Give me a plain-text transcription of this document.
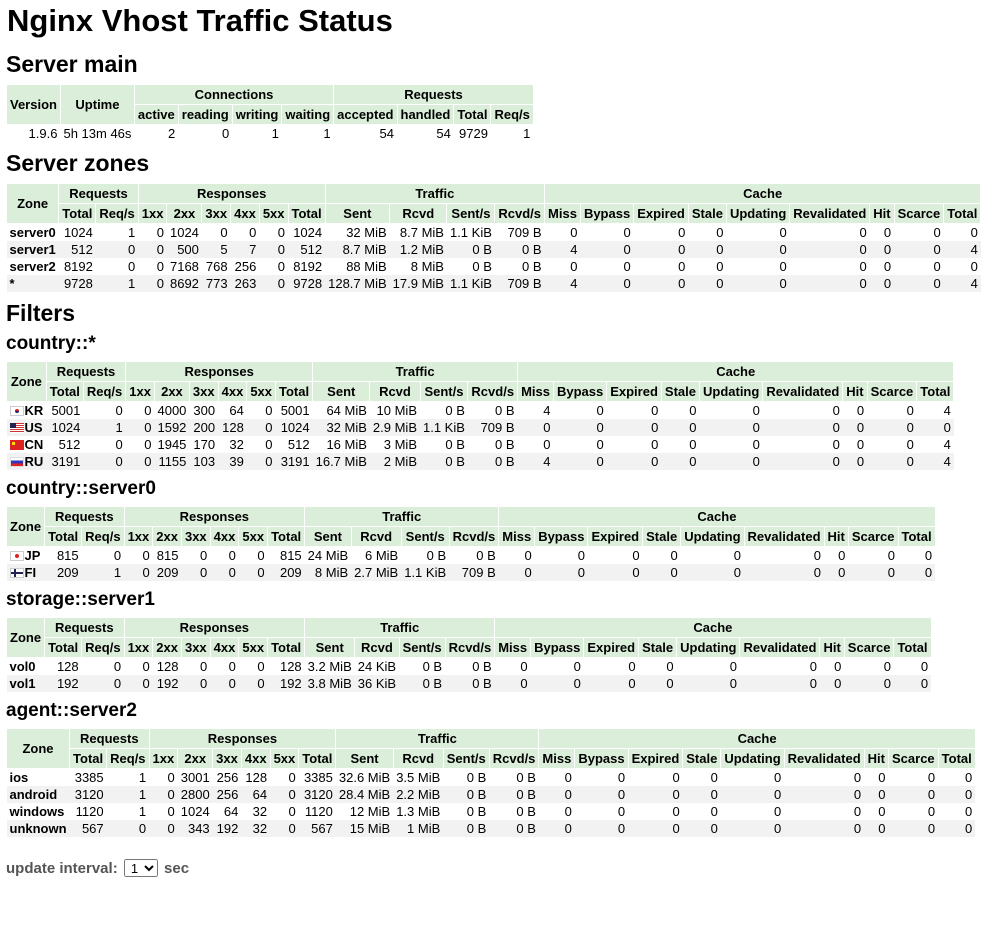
Nginx Vhost Traffic Status
Server main
Version	Uptime	Connections				Requests			
		active	reading	writing	waiting	accepted	handled	Total	Req/s
1.9.6	5h 13m 46s	2	0	1	1	54	54	9729	1
Server zones
Zone	Requests		Responses						Traffic				Cache								
	Total	Req/s	1xx	2xx	3xx	4xx	5xx	Total	Sent	Rcvd	Sent/s	Rcvd/s	Miss	Bypass	Expired	Stale	Updating	Revalidated	Hit	Scarce	Total
server0	1024	1	0	1024	0	0	0	1024	32 MiB	8.7 MiB	1.1 KiB	709 B	0	0	0	0	0	0	0	0	0
server1	512	0	0	500	5	7	0	512	8.7 MiB	1.2 MiB	0 B	0 B	4	0	0	0	0	0	0	0	4
server2	8192	0	0	7168	768	256	0	8192	88 MiB	8 MiB	0 B	0 B	0	0	0	0	0	0	0	0	0
*	9728	1	0	8692	773	263	0	9728	128.7 MiB	17.9 MiB	1.1 KiB	709 B	4	0	0	0	0	0	0	0	4
Filters
country::*
Zone	Requests		Responses						Traffic				Cache								
	Total	Req/s	1xx	2xx	3xx	4xx	5xx	Total	Sent	Rcvd	Sent/s	Rcvd/s	Miss	Bypass	Expired	Stale	Updating	Revalidated	Hit	Scarce	Total
KR	5001	0	0	4000	300	64	0	5001	64 MiB	10 MiB	0 B	0 B	4	0	0	0	0	0	0	0	4
US	1024	1	0	1592	200	128	0	1024	32 MiB	2.9 MiB	1.1 KiB	709 B	0	0	0	0	0	0	0	0	0
CN	512	0	0	1945	170	32	0	512	16 MiB	3 MiB	0 B	0 B	0	0	0	0	0	0	0	0	4
RU	3191	0	0	1155	103	39	0	3191	16.7 MiB	2 MiB	0 B	0 B	4	0	0	0	0	0	0	0	4
country::server0
Zone	Requests		Responses						Traffic				Cache								
	Total	Req/s	1xx	2xx	3xx	4xx	5xx	Total	Sent	Rcvd	Sent/s	Rcvd/s	Miss	Bypass	Expired	Stale	Updating	Revalidated	Hit	Scarce	Total
JP	815	0	0	815	0	0	0	815	24 MiB	6 MiB	0 B	0 B	0	0	0	0	0	0	0	0	0
FI	209	1	0	209	0	0	0	209	8 MiB	2.7 MiB	1.1 KiB	709 B	0	0	0	0	0	0	0	0	0
storage::server1
Zone	Requests		Responses						Traffic				Cache								
	Total	Req/s	1xx	2xx	3xx	4xx	5xx	Total	Sent	Rcvd	Sent/s	Rcvd/s	Miss	Bypass	Expired	Stale	Updating	Revalidated	Hit	Scarce	Total
vol0	128	0	0	128	0	0	0	128	3.2 MiB	24 KiB	0 B	0 B	0	0	0	0	0	0	0	0	0
vol1	192	0	0	192	0	0	0	192	3.8 MiB	36 KiB	0 B	0 B	0	0	0	0	0	0	0	0	0
agent::server2
Zone	Requests		Responses						Traffic				Cache								
	Total	Req/s	1xx	2xx	3xx	4xx	5xx	Total	Sent	Rcvd	Sent/s	Rcvd/s	Miss	Bypass	Expired	Stale	Updating	Revalidated	Hit	Scarce	Total
ios	3385	1	0	3001	256	128	0	3385	32.6 MiB	3.5 MiB	0 B	0 B	0	0	0	0	0	0	0	0	0
android	3120	1	0	2800	256	64	0	3120	28.4 MiB	2.2 MiB	0 B	0 B	0	0	0	0	0	0	0	0	0
windows	1120	1	0	1024	64	32	0	1120	12 MiB	1.3 MiB	0 B	0 B	0	0	0	0	0	0	0	0	0
unknown	567	0	0	343	192	32	0	567	15 MiB	1 MiB	0 B	0 B	0	0	0	0	0	0	0	0	0
update interval:
1	sec
